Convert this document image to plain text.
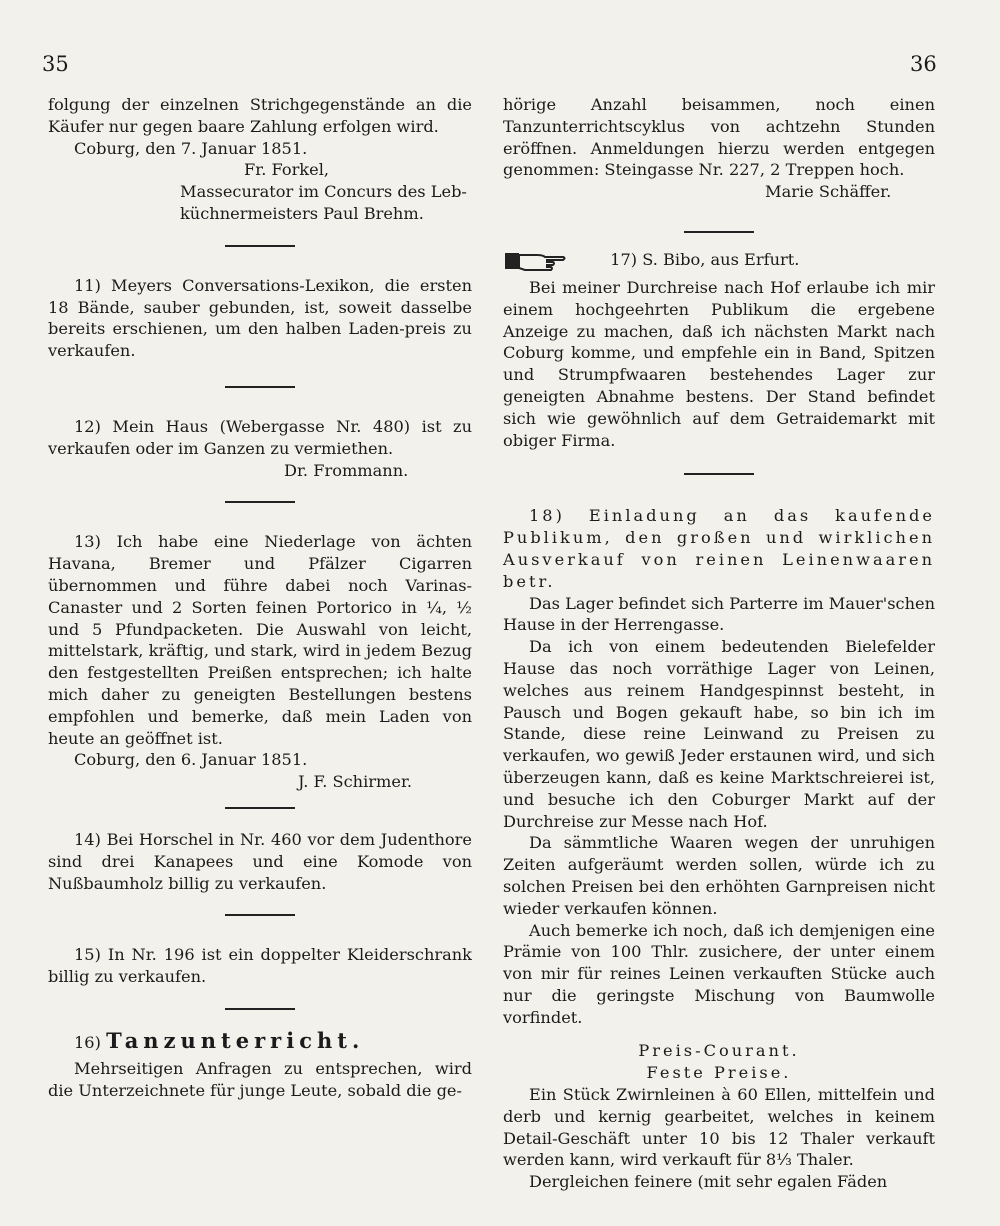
35	36

folgung der einzelnen Strichgegenstände an die Käufer nur gegen baare Zahlung erfolgen wird.

Coburg, den 7. Januar 1851.

Fr. Forkel,

Massecurator im Concurs des Leb-

küchnermeisters Paul Brehm.

11) Meyers Conversations-Lexikon, die ersten 18 Bände, sauber gebunden, ist, soweit dasselbe bereits erschienen, um den halben Laden-preis zu verkaufen.

12) Mein Haus (Webergasse Nr. 480) ist zu verkaufen oder im Ganzen zu vermiethen.

Dr. Frommann.

13) Ich habe eine Niederlage von ächten Havana, Bremer und Pfälzer Cigarren übernommen und führe dabei noch Varinas-Canaster und 2 Sorten feinen Portorico in ¼, ½ und 5 Pfundpacketen. Die Auswahl von leicht, mittelstark, kräftig, und stark, wird in jedem Bezug den festgestellten Preißen entsprechen; ich halte mich daher zu geneigten Bestellungen bestens empfohlen und bemerke, daß mein Laden von heute an geöffnet ist.

Coburg, den 6. Januar 1851.

J. F. Schirmer.

14) Bei Horschel in Nr. 460 vor dem Judenthore sind drei Kanapees und eine Komode von Nußbaumholz billig zu verkaufen.

15) In Nr. 196 ist ein doppelter Kleiderschrank billig zu verkaufen.

16) Tanzunterricht.

Mehrseitigen Anfragen zu entsprechen, wird die Unterzeichnete für junge Leute, sobald die ge-

hörige Anzahl beisammen, noch einen Tanzunterrichtscyklus von achtzehn Stunden eröffnen. Anmeldungen hierzu werden entgegen genommen: Steingasse Nr. 227, 2 Treppen hoch.

Marie Schäffer.

17) S. Bibo, aus Erfurt.

Bei meiner Durchreise nach Hof erlaube ich mir einem hochgeehrten Publikum die ergebene Anzeige zu machen, daß ich nächsten Markt nach Coburg komme, und empfehle ein in Band, Spitzen und Strumpfwaaren bestehendes Lager zur geneigten Abnahme bestens. Der Stand befindet sich wie gewöhnlich auf dem Getraidemarkt mit obiger Firma.

18) Einladung an das kaufende Publikum, den großen und wirklichen Ausverkauf von reinen Leinenwaaren betr.

Das Lager befindet sich Parterre im Mauer'schen Hause in der Herrengasse.

Da ich von einem bedeutenden Bielefelder Hause das noch vorräthige Lager von Leinen, welches aus reinem Handgespinnst besteht, in Pausch und Bogen gekauft habe, so bin ich im Stande, diese reine Leinwand zu Preisen zu verkaufen, wo gewiß Jeder erstaunen wird, und sich überzeugen kann, daß es keine Marktschreierei ist, und besuche ich den Coburger Markt auf der Durchreise zur Messe nach Hof.

Da sämmtliche Waaren wegen der unruhigen Zeiten aufgeräumt werden sollen, würde ich zu solchen Preisen bei den erhöhten Garnpreisen nicht wieder verkaufen können.

Auch bemerke ich noch, daß ich demjenigen eine Prämie von 100 Thlr. zusichere, der unter einem von mir für reines Leinen verkauften Stücke auch nur die geringste Mischung von Baumwolle vorfindet.

Preis-Courant.

Feste Preise.

Ein Stück Zwirnleinen à 60 Ellen, mittelfein und derb und kernig gearbeitet, welches in keinem Detail-Geschäft unter 10 bis 12 Thaler verkauft werden kann, wird verkauft für 8⅓ Thaler.

Dergleichen feinere (mit sehr egalen Fäden
